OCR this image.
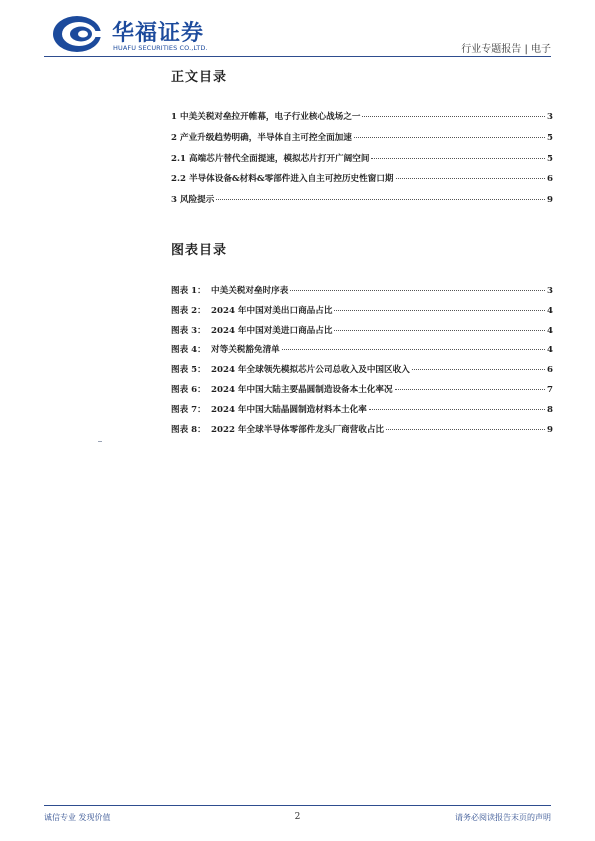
华福证券
HUAFU SECURITIES CO.,LTD.	行业专题报告 | 电子
正文目录
1 中美关税对垒拉开帷幕，电子行业核心战场之一	3
2 产业升级趋势明确，半导体自主可控全面加速	5
2.1 高端芯片替代全面提速，模拟芯片打开广阔空间	5
2.2 半导体设备&材料&零部件进入自主可控历史性窗口期	6
3 风险提示	9
图表目录
图表 1： 中美关税对垒时序表	3
图表 2： 2024 年中国对美出口商品占比	4
图表 3： 2024 年中国对美进口商品占比	4
图表 4： 对等关税豁免清单	4
图表 5： 2024 年全球领先模拟芯片公司总收入及中国区收入	6
图表 6： 2024 年中国大陆主要晶圆制造设备本土化率况	7
图表 7： 2024 年中国大陆晶圆制造材料本土化率	8
图表 8： 2022 年全球半导体零部件龙头厂商营收占比	9
诚信专业 发现价值	2	请务必阅读报告末页的声明
